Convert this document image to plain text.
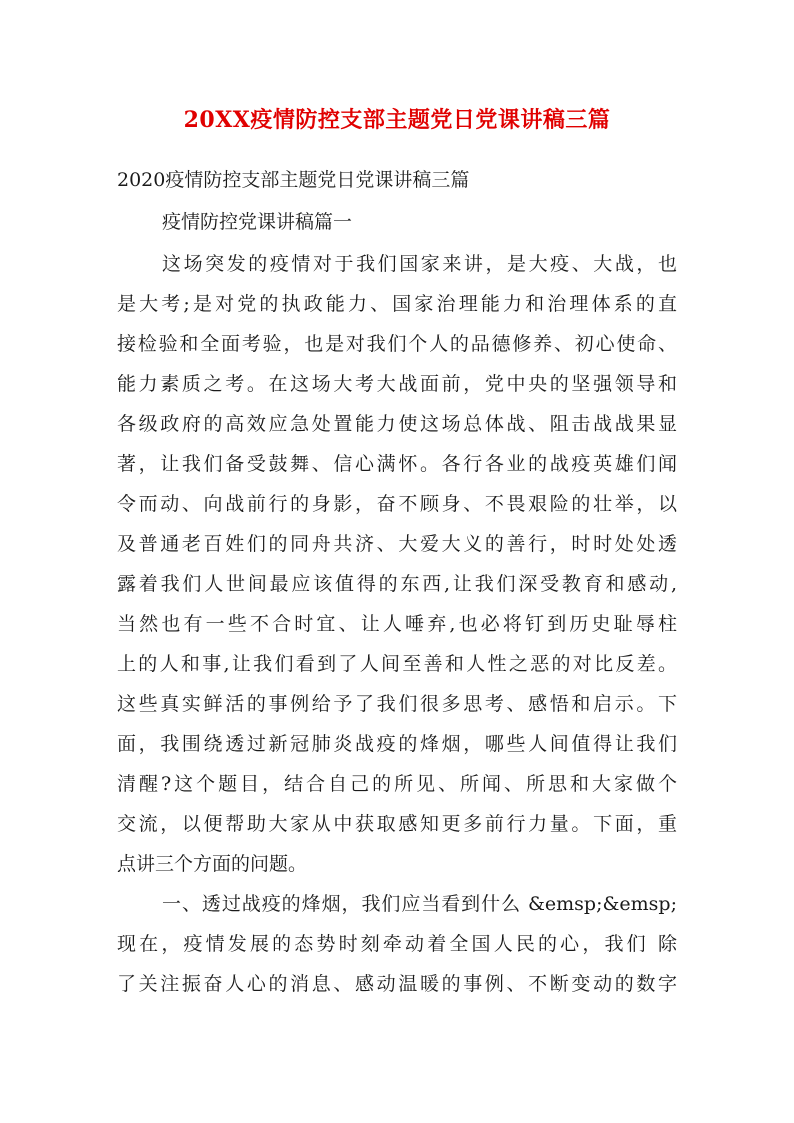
20XX疫情防控支部主题党日党课讲稿三篇
2020疫情防控支部主题党日党课讲稿三篇
疫情防控党课讲稿篇一
这场突发的疫情对于我们国家来讲，是大疫、大战，也
是大考;是对党的执政能力、国家治理能力和治理体系的直
接检验和全面考验，也是对我们个人的品德修养、初心使命、
能力素质之考。在这场大考大战面前，党中央的坚强领导和
各级政府的高效应急处置能力使这场总体战、阻击战战果显
著，让我们备受鼓舞、信心满怀。各行各业的战疫英雄们闻
令而动、向战前行的身影，奋不顾身、不畏艰险的壮举，以
及普通老百姓们的同舟共济、大爱大义的善行，时时处处透
露着我们人世间最应该值得的东西,让我们深受教育和感动,
当然也有一些不合时宜、让人唾弃,也必将钉到历史耻辱柱
上的人和事,让我们看到了人间至善和人性之恶的对比反差。
这些真实鲜活的事例给予了我们很多思考、感悟和启示。下
面，我围绕透过新冠肺炎战疫的烽烟，哪些人间值得让我们
清醒?这个题目，结合自己的所见、所闻、所思和大家做个
交流，以便帮助大家从中获取感知更多前行力量。下面，重
点讲三个方面的问题。
一、透过战疫的烽烟，我们应当看到什么 &emsp;&emsp;
现在，疫情发展的态势时刻牵动着全国人民的心，我们 除
了关注振奋人心的消息、感动温暖的事例、不断变动的数字
